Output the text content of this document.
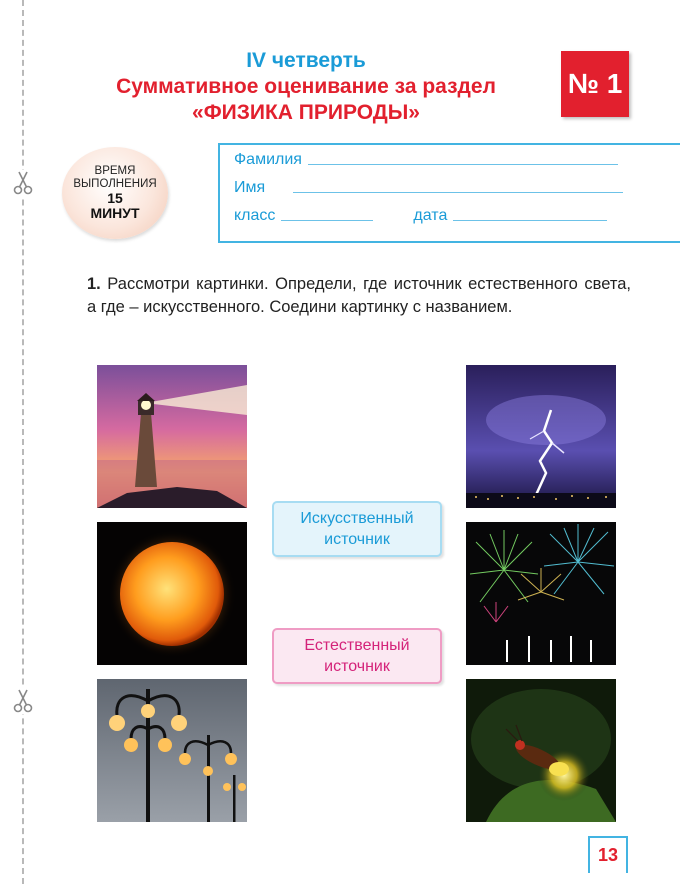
IV четверть
Суммативное оценивание за раздел
«ФИЗИКА ПРИРОДЫ»
№ 1
ВРЕМЯ
ВЫПОЛНЕНИЯ
15
МИНУТ
Фамилия
Имя
класс	дата
1. Рассмотри картинки. Определи, где источник естественного света, а где – искусственного. Соедини картинку с названием.
Искусственный
источник
Естественный
источник
13
